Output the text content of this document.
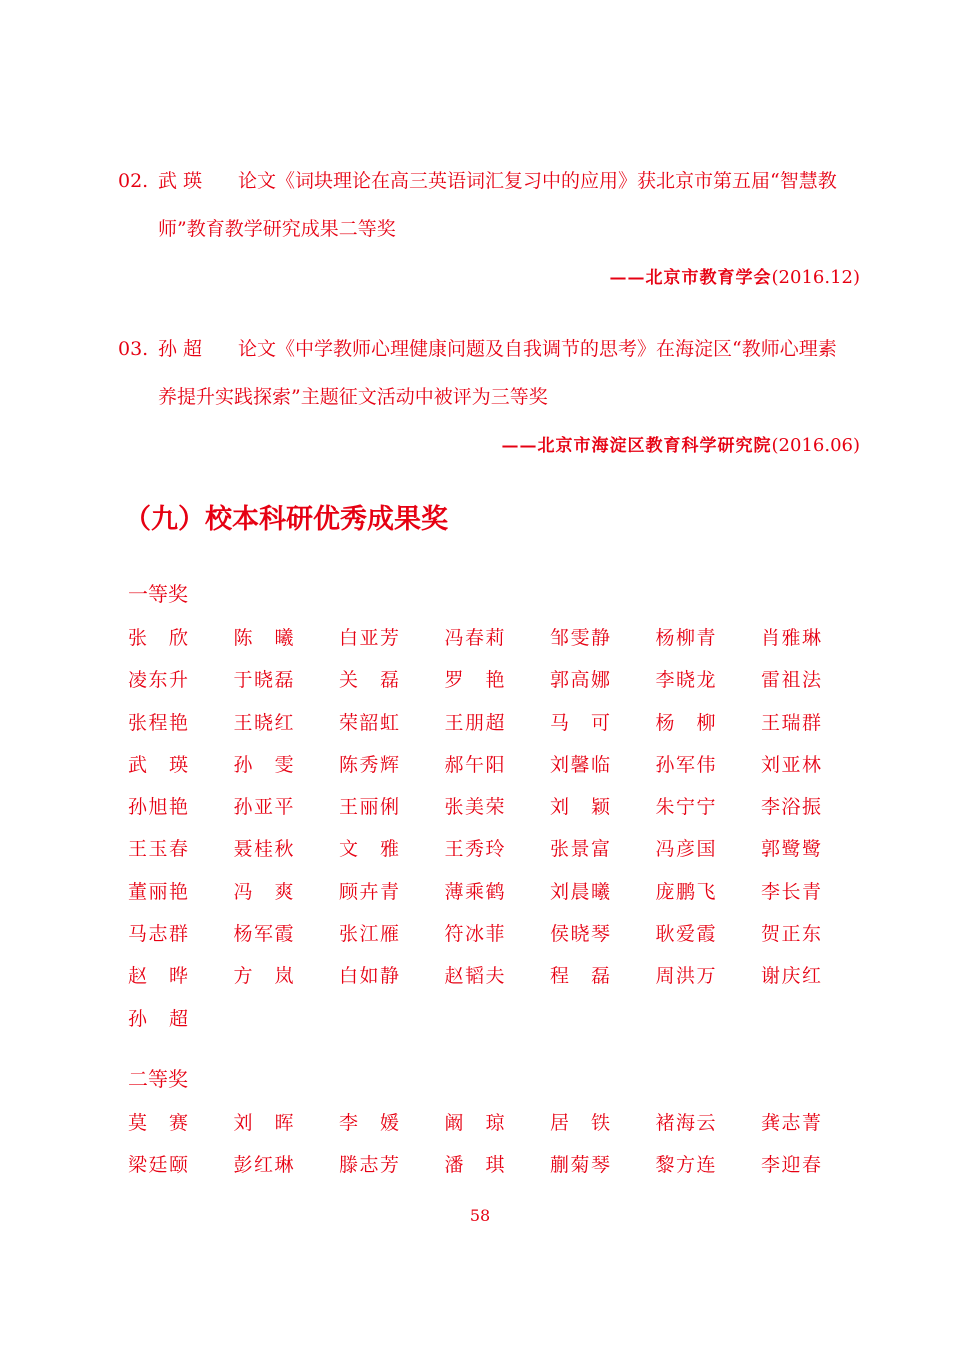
02. 武 瑛 论文《词块理论在高三英语词汇复习中的应用》获北京市第五届“智慧教
师”教育教学研究成果二等奖
——北京市教育学会(2016.12)
03. 孙 超 论文《中学教师心理健康问题及自我调节的思考》在海淀区“教师心理素
养提升实践探索”主题征文活动中被评为三等奖
——北京市海淀区教育科学研究院(2016.06)
（九）校本科研优秀成果奖
一等奖
张 欣 陈 曦 白 亚 芳 冯 春 莉 邹 雯 静 杨 柳 青 肖 雅 琳
凌 东 升 于 晓 磊 关 磊 罗 艳 郭 高 娜 李 晓 龙 雷 祖 法
张 程 艳 王 晓 红 荣 韶 虹 王 朋 超 马 可 杨 柳 王 瑞 群
武 瑛 孙 雯 陈 秀 辉 郝 午 阳 刘 馨 临 孙 军 伟 刘 亚 林
孙 旭 艳 孙 亚 平 王 丽 俐 张 美 荣 刘 颖 朱 宁 宁 李 浴 振
王 玉 春 聂 桂 秋 文 雅 王 秀 玲 张 景 富 冯 彦 国 郭 鹭 鹭
董 丽 艳 冯 爽 顾 卉 青 薄 乘 鹤 刘 晨 曦 庞 鹏 飞 李 长 青
马 志 群 杨 军 霞 张 江 雁 符 冰 菲 侯 晓 琴 耿 爱 霞 贺 正 东
赵 晔 方 岚 白 如 静 赵 韬 夫 程 磊 周 洪 万 谢 庆 红
孙 超
二等奖
莫 赛 刘 晖 李 媛 阚 琼 居 铁 褚 海 云 龚 志 菁
梁 廷 颐 彭 红 琳 滕 志 芳 潘 琪 蒯 菊 琴 黎 方 连 李 迎 春
58
